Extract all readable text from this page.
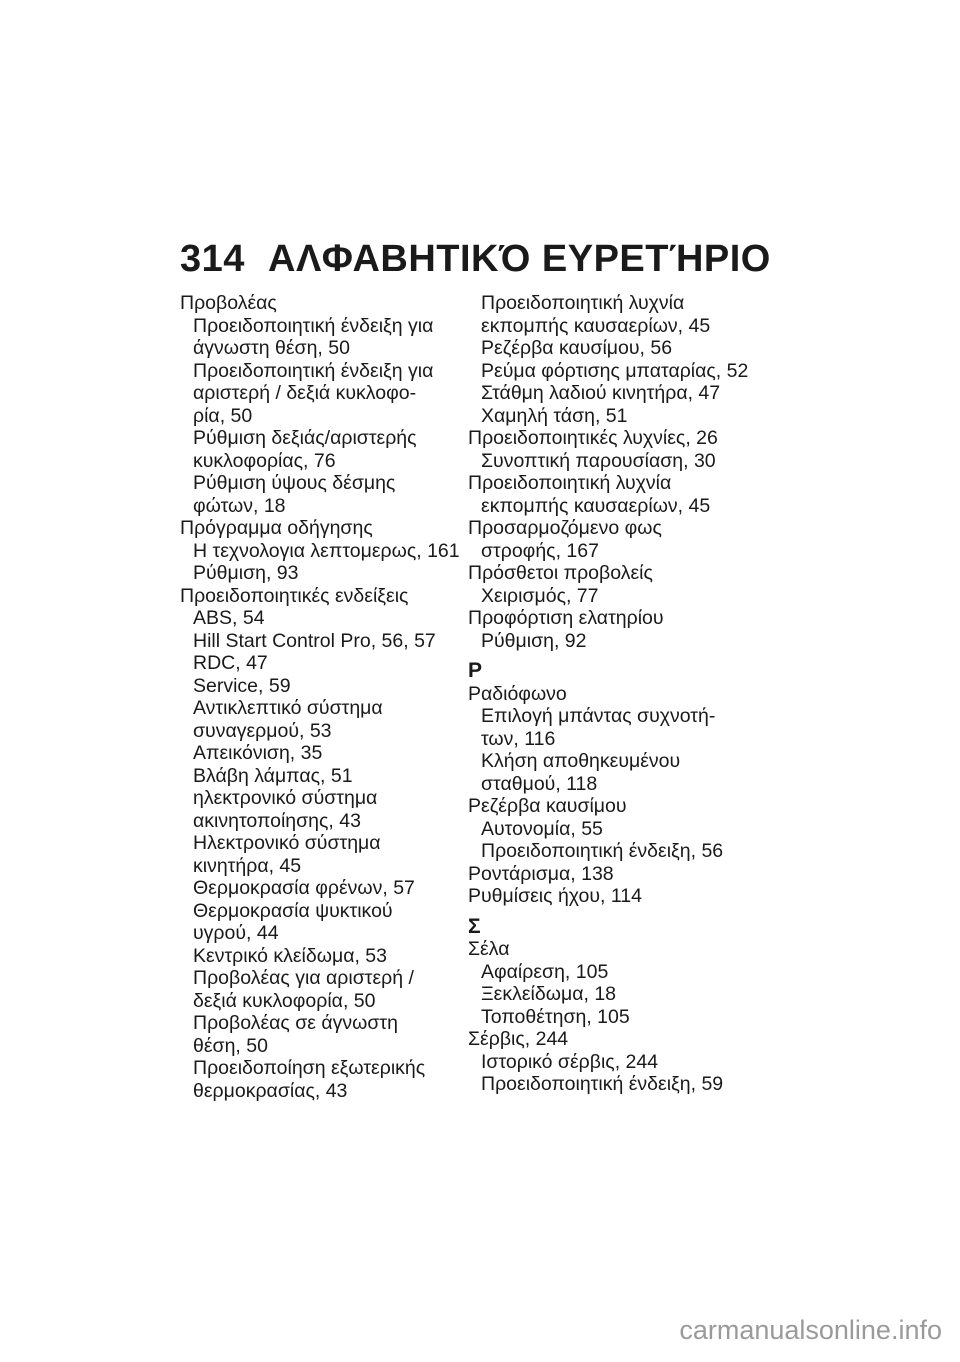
314 ΑΛΦΑΒΗΤΙΚΌ ΕΥΡΕΤΉΡΙΟ
Προβολέας
Προειδοποιητική ένδειξη για
άγνωστη θέση, 50
Προειδοποιητική ένδειξη για
αριστερή / δεξιά κυκλοφο-
ρία, 50
Ρύθμιση δεξιάς/αριστερής
κυκλοφορίας, 76
Ρύθμιση ύψους δέσμης
φώτων, 18
Πρόγραμμα οδήγησης
Η τεχνολογια λεπτομερως, 161
Ρύθμιση, 93
Προειδοποιητικές ενδείξεις
ABS, 54
Hill Start Control Pro, 56, 57
RDC, 47
Service, 59
Αντικλεπτικό σύστημα
συναγερμού, 53
Απεικόνιση, 35
Βλάβη λάμπας, 51
ηλεκτρονικό σύστημα
ακινητοποίησης, 43
Ηλεκτρονικό σύστημα
κινητήρα, 45
Θερμοκρασία φρένων, 57
Θερμοκρασία ψυκτικού
υγρού, 44
Κεντρικό κλείδωμα, 53
Προβολέας για αριστερή /
δεξιά κυκλοφορία, 50
Προβολέας σε άγνωστη
θέση, 50
Προειδοποίηση εξωτερικής
θερμοκρασίας, 43
Προειδοποιητική λυχνία
εκπομπής καυσαερίων, 45
Ρεζέρβα καυσίμου, 56
Ρεύμα φόρτισης μπαταρίας, 52
Στάθμη λαδιού κινητήρα, 47
Χαμηλή τάση, 51
Προειδοποιητικές λυχνίες, 26
Συνοπτική παρουσίαση, 30
Προειδοποιητική λυχνία
εκπομπής καυσαερίων, 45
Προσαρμοζόμενο φως
στροφής, 167
Πρόσθετοι προβολείς
Χειρισμός, 77
Προφόρτιση ελατηρίου
Ρύθμιση, 92
Ρ
Ραδιόφωνο
Επιλογή μπάντας συχνοτή-
των, 116
Κλήση αποθηκευμένου
σταθμού, 118
Ρεζέρβα καυσίμου
Αυτονομία, 55
Προειδοποιητική ένδειξη, 56
Ροντάρισμα, 138
Ρυθμίσεις ήχου, 114
Σ
Σέλα
Αφαίρεση, 105
Ξεκλείδωμα, 18
Τοποθέτηση, 105
Σέρβις, 244
Ιστορικό σέρβις, 244
Προειδοποιητική ένδειξη, 59
carmanualsonline.info
